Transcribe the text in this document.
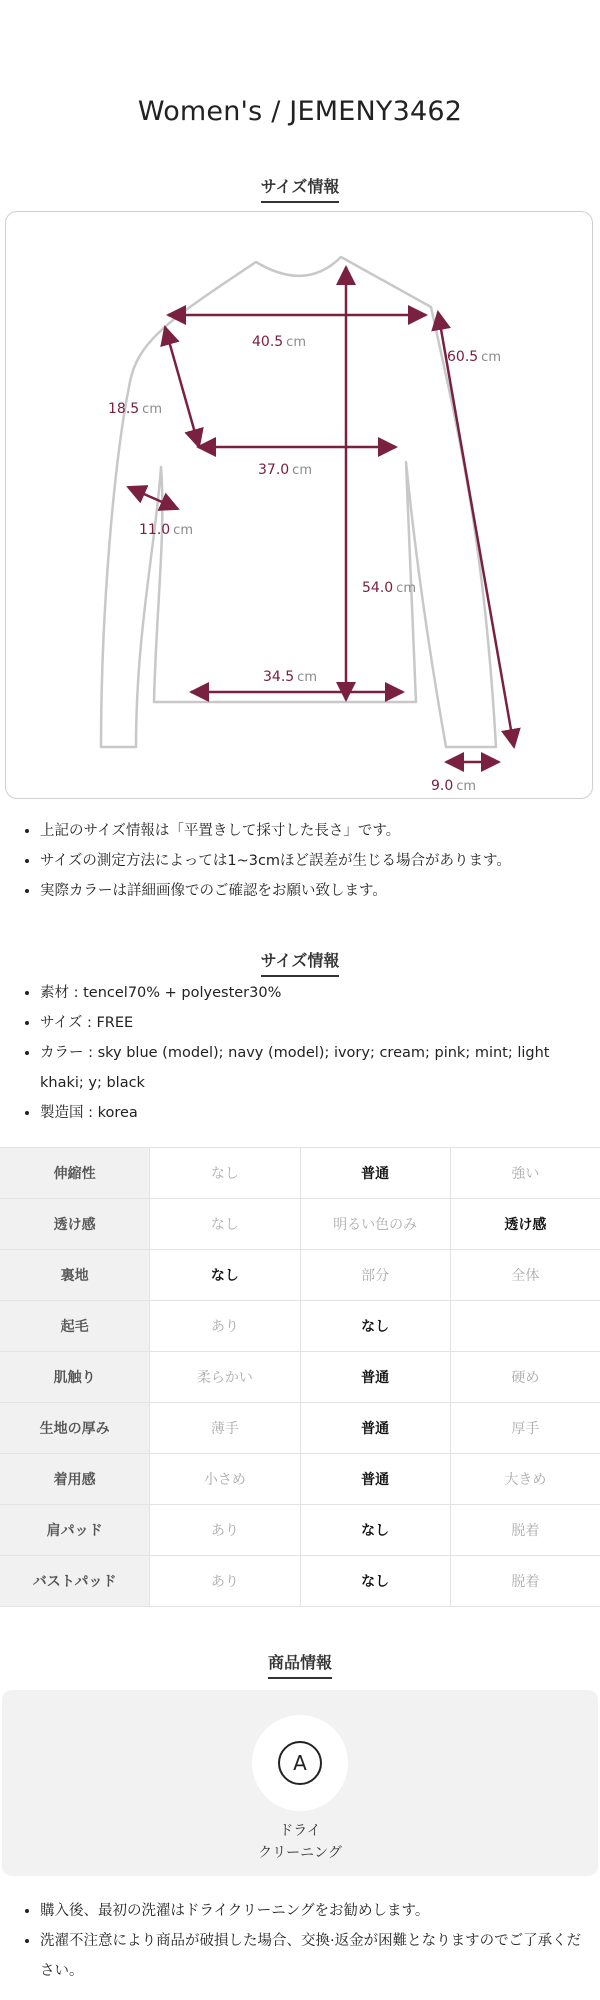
Women's / JEMENY3462
サイズ情報
40.5 cm
60.5 cm
18.5 cm
37.0 cm
11.0 cm
54.0 cm
34.5 cm
9.0 cm
• 上記のサイズ情報は「平置きして採寸した長さ」です。
• サイズの測定方法によっては1~3cmほど誤差が生じる場合があります。
• 実際カラーは詳細画像でのご確認をお願い致します。
サイズ情報
• 素材 : tencel70% + polyester30%
• サイズ : FREE
• カラー : sky blue (model); navy (model); ivory; cream; pink; mint; light khaki; y; black
• 製造国 : korea
伸縮性	なし	普通	強い
透け感	なし	明るい色のみ	透け感
裏地	なし	部分	全体
起毛	あり	なし	
肌触り	柔らかい	普通	硬め
生地の厚み	薄手	普通	厚手
着用感	小さめ	普通	大きめ
肩パッド	あり	なし	脱着
バストパッド	あり	なし	脱着
商品情報
A
ドライ
クリーニング
• 購入後、最初の洗濯はドライクリーニングをお勧めします。
• 洗濯不注意により商品が破損した場合、交換·返金が困難となりますのでご了承ください。
